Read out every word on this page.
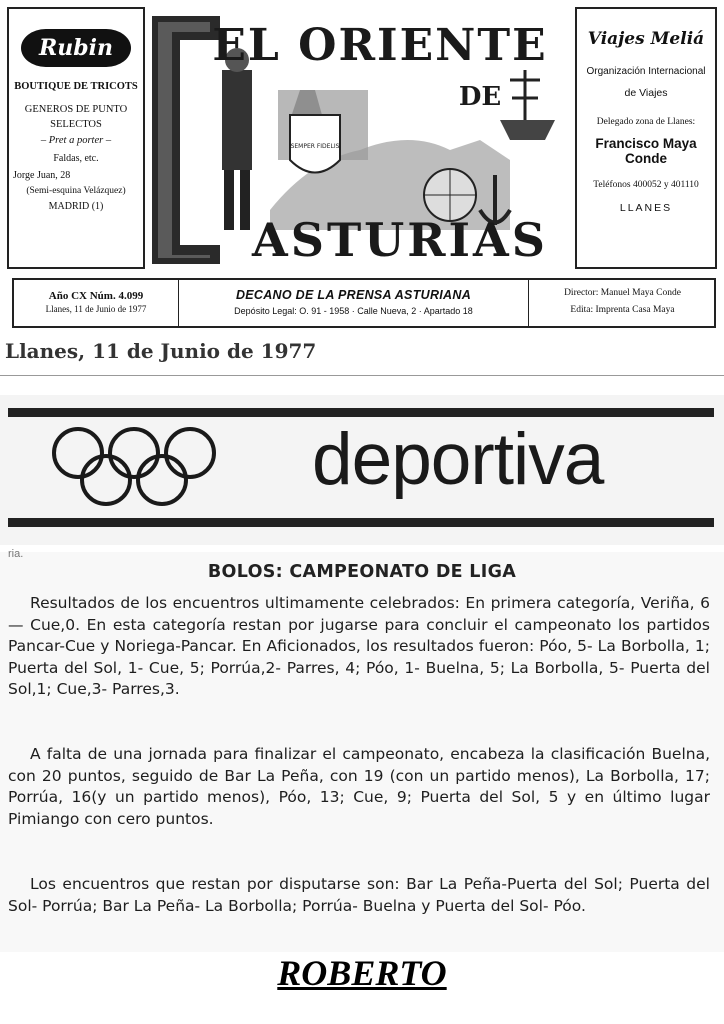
Rubin
BOUTIQUE DE TRICOTS
GENEROS DE PUNTO SELECTOS
– Pret a porter –
Faldas, etc.
Jorge Juan, 28
(Semi-esquina Velázquez)
MADRID (1)
SEMPER FIDELIS
EL ORIENTE
DE
ASTURIAS
Viajes Meliá
Organización Internacional
de Viajes
Delegado zona de Llanes:
Francisco Maya Conde
Teléfonos 400052 y 401110
LLANES
Año CX Núm. 4.099
Llanes, 11 de Junio de 1977
DECANO DE LA PRENSA ASTURIANA
Depósito Legal: O. 91 - 1958 · Calle Nueva, 2 · Apartado 18
Director: Manuel Maya Conde
Edita: Imprenta Casa Maya
Llanes, 11 de Junio de 1977
deportiva
ria.
BOLOS: CAMPEONATO DE LIGA

Resultados de los encuentros ultimamente celebrados: En primera categoría, Veriña, 6— Cue,0. En esta categoría restan por jugarse para concluir el campeonato los partidos Pancar-Cue y Noriega-Pancar. En Aficionados, los resultados fueron: Póo, 5- La Borbolla, 1; Puerta del Sol, 1- Cue, 5; Porrúa,2- Parres, 4; Póo, 1- Buelna, 5; La Borbolla, 5- Puerta del Sol,1; Cue,3- Parres,3.

A falta de una jornada para finalizar el campeonato, encabeza la clasificación Buelna, con 20 puntos, seguido de Bar La Peña, con 19 (con un partido menos), La Borbolla, 17; Porrúa, 16(y un partido menos), Póo, 13; Cue, 9; Puerta del Sol, 5 y en último lugar Pimiango con cero puntos.

Los encuentros que restan por disputarse son: Bar La Peña-Puerta del Sol; Puerta del Sol- Porrúa; Bar La Peña- La Borbolla; Porrúa- Buelna y Puerta del Sol- Póo.

ROBERTO
